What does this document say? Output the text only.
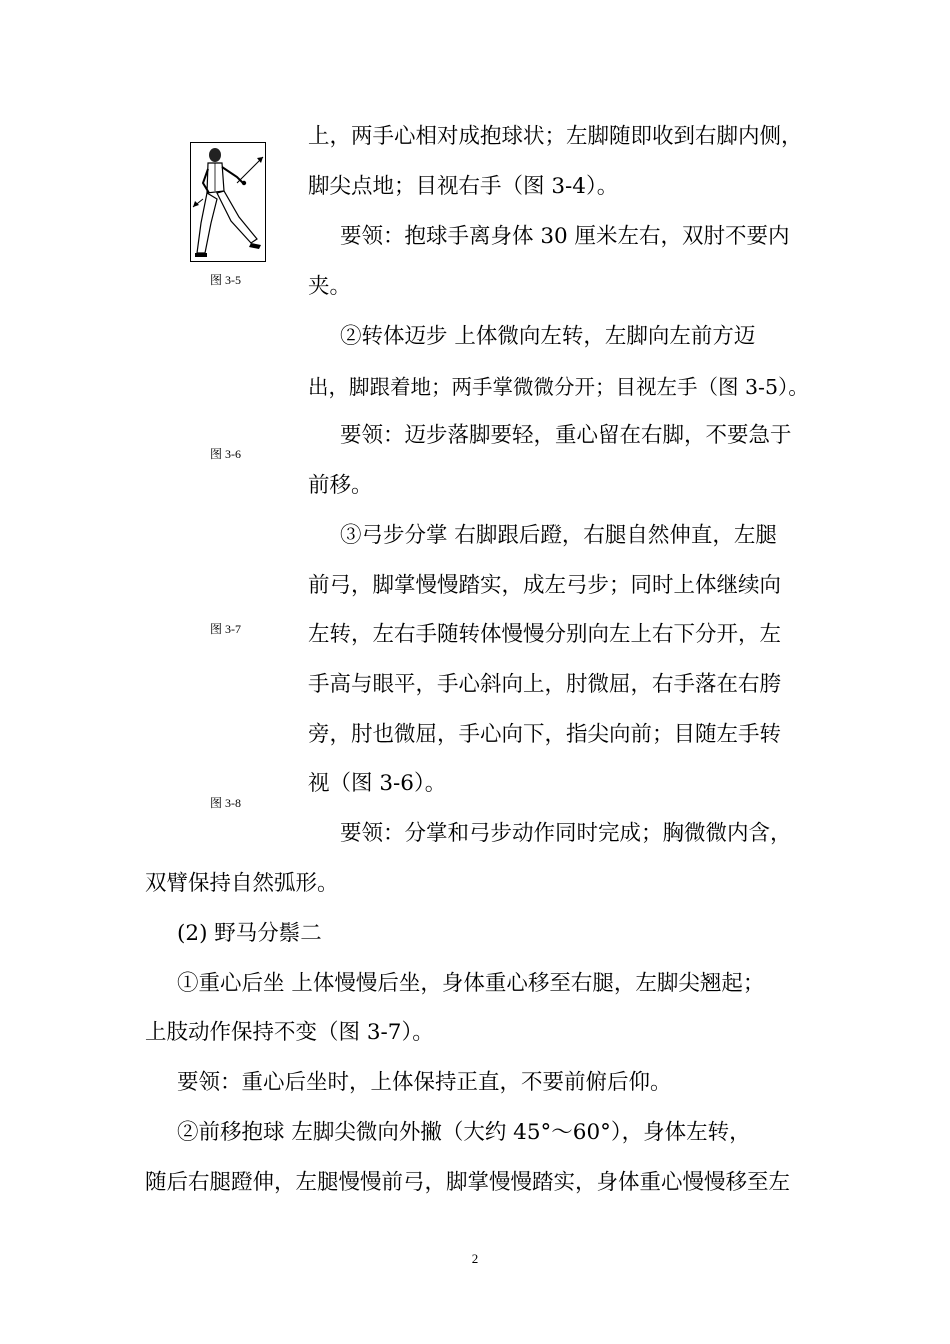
图 3-5
图 3-6
图 3-7
图 3-8
上，两手心相对成抱球状；左脚随即收到右脚内侧，
脚尖点地；目视右手（图 3-4）。
要领：抱球手离身体 30 厘米左右，双肘不要内
夹。
②转体迈步 上体微向左转，左脚向左前方迈
出，脚跟着地；两手掌微微分开；目视左手（图 3-5）。
要领：迈步落脚要轻，重心留在右脚，不要急于
前移。
③弓步分掌 右脚跟后蹬，右腿自然伸直，左腿
前弓，脚掌慢慢踏实，成左弓步；同时上体继续向
左转，左右手随转体慢慢分别向左上右下分开，左
手高与眼平，手心斜向上，肘微屈，右手落在右胯
旁，肘也微屈，手心向下，指尖向前；目随左手转
视（图 3-6）。
要领：分掌和弓步动作同时完成；胸微微内含，
双臂保持自然弧形。
(2) 野马分鬃二
①重心后坐 上体慢慢后坐，身体重心移至右腿，左脚尖翘起；
上肢动作保持不变（图 3-7）。
要领：重心后坐时，上体保持正直，不要前俯后仰。
②前移抱球 左脚尖微向外撇（大约 45°～60°），身体左转，
随后右腿蹬伸，左腿慢慢前弓，脚掌慢慢踏实，身体重心慢慢移至左
2
